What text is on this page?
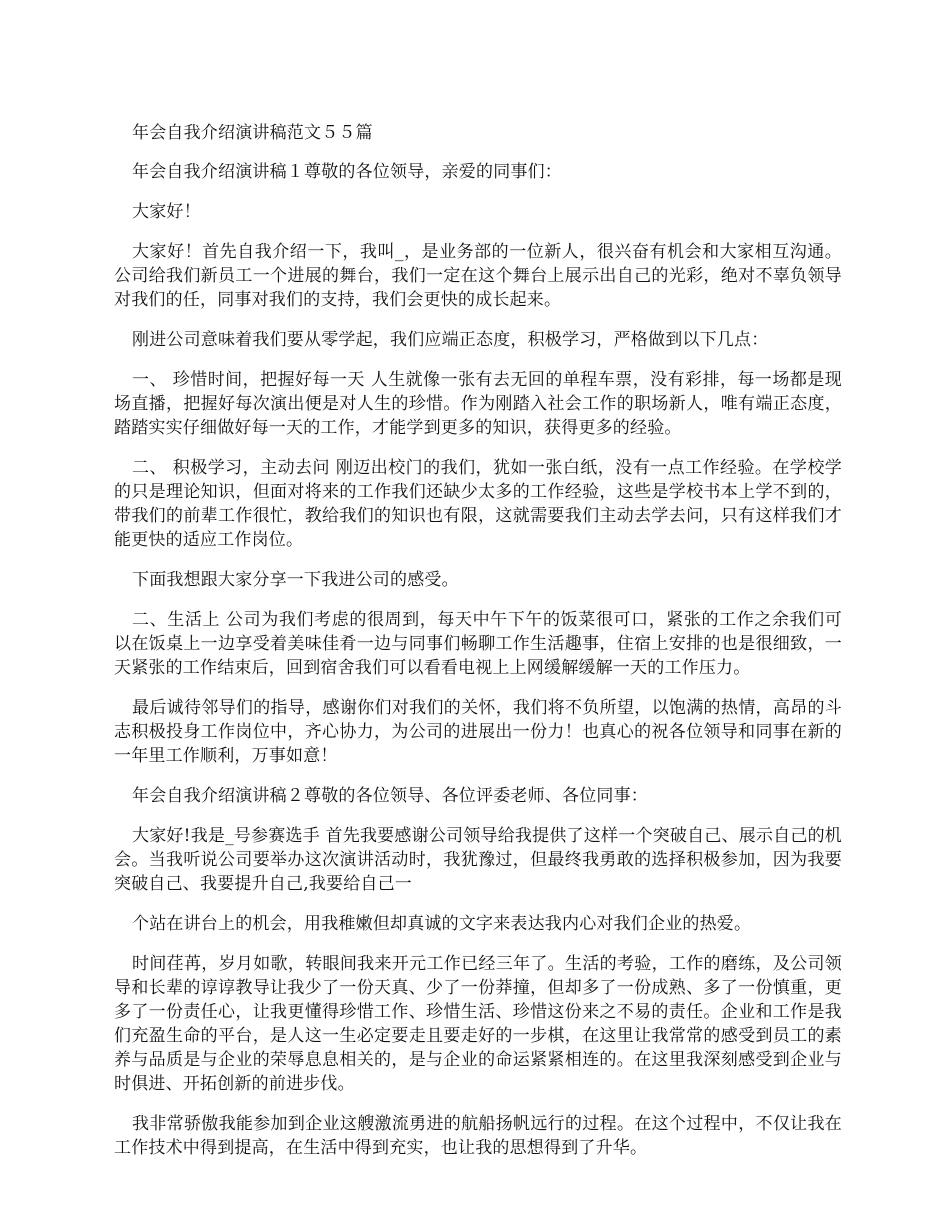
年会自我介绍演讲稿范文５５篇

年会自我介绍演讲稿１尊敬的各位领导，亲爱的同事们：

大家好！

大家好！首先自我介绍一下，我叫_，是业务部的一位新人，很兴奋有机会和大家相互沟通。公司给我们新员工一个进展的舞台，我们一定在这个舞台上展示出自己的光彩，绝对不辜负领导对我们的任，同事对我们的支持，我们会更快的成长起来。

刚进公司意味着我们要从零学起，我们应端正态度，积极学习，严格做到以下几点：

一、 珍惜时间，把握好每一天 人生就像一张有去无回的单程车票，没有彩排，每一场都是现场直播，把握好每次演出便是对人生的珍惜。作为刚踏入社会工作的职场新人，唯有端正态度，踏踏实实仔细做好每一天的工作，才能学到更多的知识，获得更多的经验。

二、 积极学习，主动去问 刚迈出校门的我们，犹如一张白纸，没有一点工作经验。在学校学的只是理论知识，但面对将来的工作我们还缺少太多的工作经验，这些是学校书本上学不到的，带我们的前辈工作很忙，教给我们的知识也有限，这就需要我们主动去学去问，只有这样我们才能更快的适应工作岗位。

下面我想跟大家分享一下我进公司的感受。

二、生活上 公司为我们考虑的很周到，每天中午下午的饭菜很可口，紧张的工作之余我们可以在饭桌上一边享受着美味佳肴一边与同事们畅聊工作生活趣事，住宿上安排的也是很细致，一天紧张的工作结束后，回到宿舍我们可以看看电视上上网缓解缓解一天的工作压力。

最后诚待邻导们的指导，感谢你们对我们的关怀，我们将不负所望，以饱满的热情，高昂的斗志积极投身工作岗位中，齐心协力，为公司的进展出一份力！也真心的祝各位领导和同事在新的一年里工作顺利，万事如意！

年会自我介绍演讲稿２尊敬的各位领导、各位评委老师、各位同事：

大家好!我是_号参赛选手 首先我要感谢公司领导给我提供了这样一个突破自己、展示自己的机会。当我听说公司要举办这次演讲活动时，我犹豫过，但最终我勇敢的选择积极参加，因为我要突破自己、我要提升自己,我要给自己一

个站在讲台上的机会，用我稚嫩但却真诚的文字来表达我内心对我们企业的热爱。

时间荏苒，岁月如歌，转眼间我来开元工作已经三年了。生活的考验，工作的磨练，及公司领导和长辈的谆谆教导让我少了一份天真、少了一份莽撞，但却多了一份成熟、多了一份慎重，更多了一份责任心，让我更懂得珍惜工作、珍惜生活、珍惜这份来之不易的责任。企业和工作是我们充盈生命的平台，是人这一生必定要走且要走好的一步棋，在这里让我常常的感受到员工的素养与品质是与企业的荣辱息息相关的，是与企业的命运紧紧相连的。在这里我深刻感受到企业与时俱进、开拓创新的前进步伐。

我非常骄傲我能参加到企业这艘激流勇进的航船扬帆远行的过程。在这个过程中，不仅让我在工作技术中得到提高，在生活中得到充实，也让我的思想得到了升华。
